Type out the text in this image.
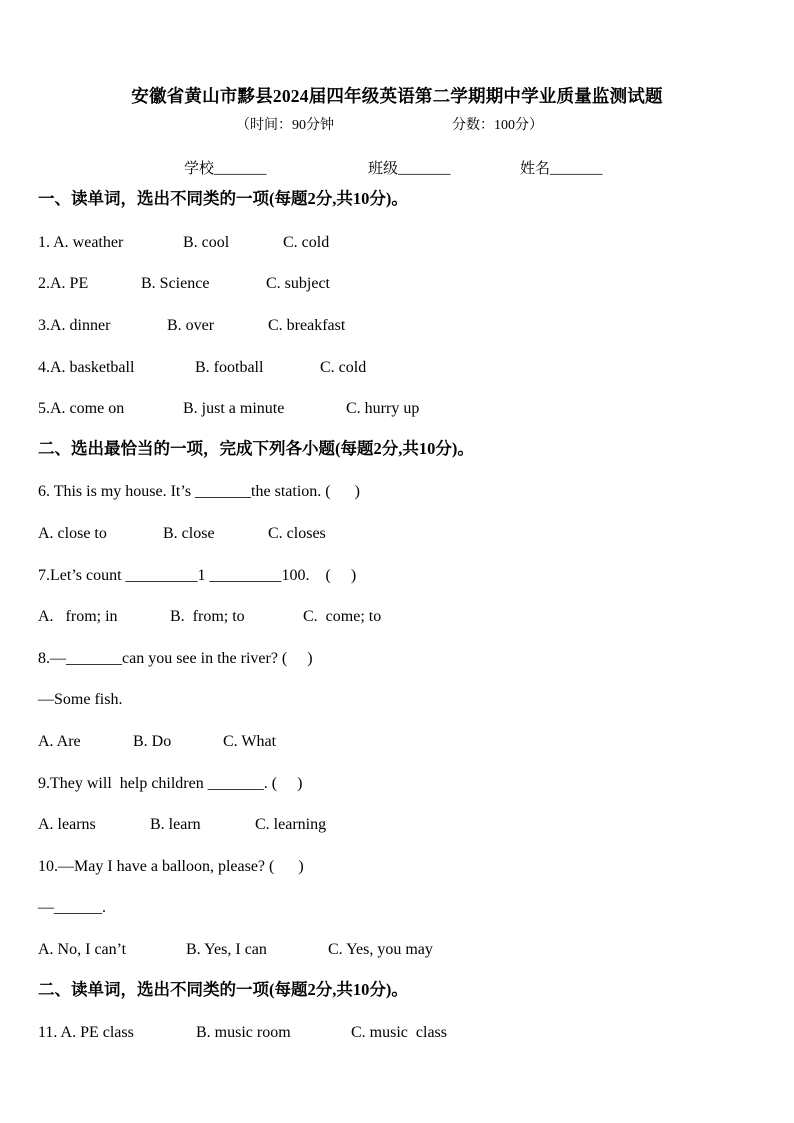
安徽省黄山市黟县2024届四年级英语第二学期期中学业质量监测试题
（时间：90分钟	分数：100分）
学校_______	班级_______	姓名_______
一、读单词，选出不同类的一项(每题2分,共10分)。
1. A. weather	B. cool	C. cold
2.A. PE	B. Science	C. subject
3.A. dinner	B. over	C. breakfast
4.A. basketball	B. football	C. cold
5.A. come on	B. just a minute	C. hurry up
二、选出最恰当的一项，完成下列各小题(每题2分,共10分)。
6. This is my house. It’s _______the station. (      )
A. close to	B. close	C. closes
7.Let’s count _________1 _________100.    (     )
A.   from; in	B.  from; to	C.  come; to
8.—_______can you see in the river? (     )
—Some fish.
A. Are	B. Do	C. What
9.They will  help children _______. (     )
A. learns	B. learn	C. learning
10.—May I have a balloon, please? (      )
—______.
A. No, I can’t	B. Yes, I can	C. Yes, you may
二、读单词，选出不同类的一项(每题2分,共10分)。
11. A. PE class	B. music room	C. music  class
